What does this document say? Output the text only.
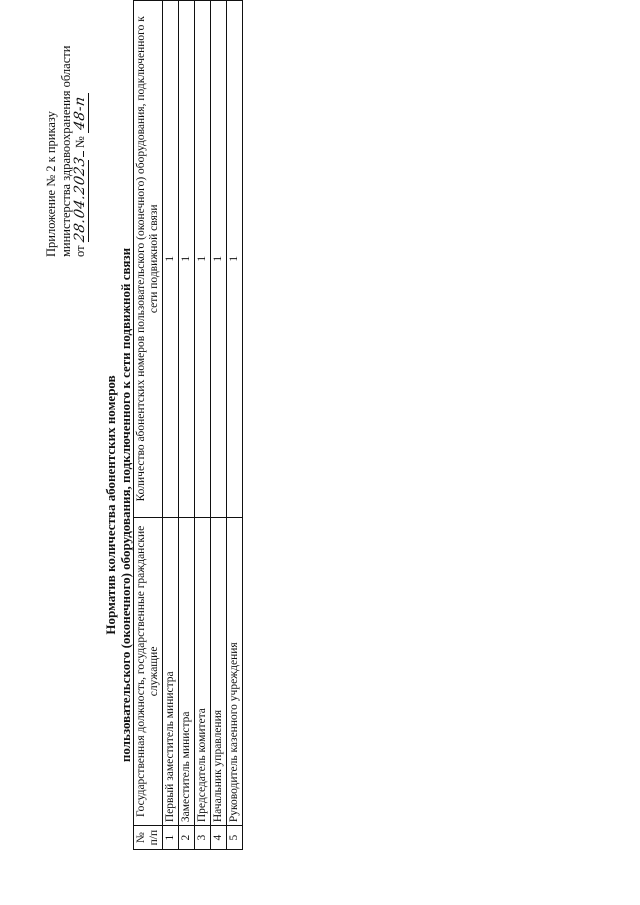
Приложение № 2 к приказу министерства здравоохранения области от 28.04.2023  № 48-п
Норматив количества абонентских номеров пользовательского (оконечного) оборудования, подключенного к сети подвижной связи
№ п/п	Государственная должность, государственные гражданские служащие	Количество абонентских номеров пользовательского (оконечного) оборудования, подключенного к сети подвижной связи
1	Первый заместитель министра	1
2	Заместитель министра	1
3	Председатель комитета	1
4	Начальник управления	1
5	Руководитель казенного учреждения	1
